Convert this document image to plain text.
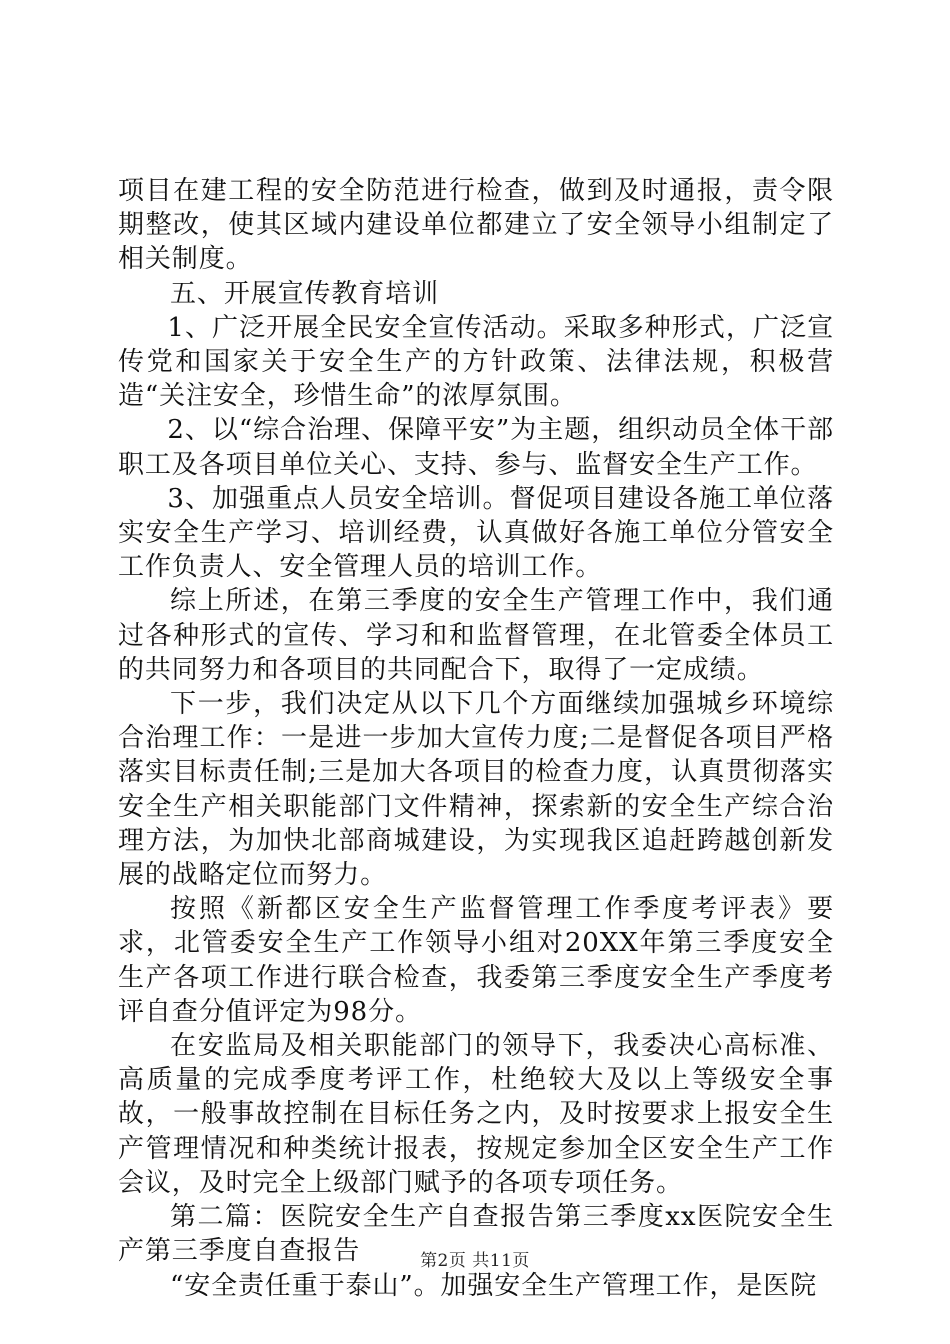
项目在建工程的安全防范进行检查，做到及时通报，责令限期整改，使其区域内建设单位都建立了安全领导小组制定了相关制度。

五、开展宣传教育培训

1、广泛开展全民安全宣传活动。采取多种形式，广泛宣传党和国家关于安全生产的方针政策、法律法规，积极营造“关注安全，珍惜生命”的浓厚氛围。

2、以“综合治理、保障平安”为主题，组织动员全体干部职工及各项目单位关心、支持、参与、监督安全生产工作。

3、加强重点人员安全培训。督促项目建设各施工单位落实安全生产学习、培训经费，认真做好各施工单位分管安全工作负责人、安全管理人员的培训工作。

综上所述，在第三季度的安全生产管理工作中，我们通过各种形式的宣传、学习和和监督管理，在北管委全体员工的共同努力和各项目的共同配合下，取得了一定成绩。

下一步，我们决定从以下几个方面继续加强城乡环境综合治理工作：一是进一步加大宣传力度;二是督促各项目严格落实目标责任制;三是加大各项目的检查力度，认真贯彻落实安全生产相关职能部门文件精神，探索新的安全生产综合治理方法，为加快北部商城建设，为实现我区追赶跨越创新发展的战略定位而努力。

按照《新都区安全生产监督管理工作季度考评表》要求，北管委安全生产工作领导小组对20XX年第三季度安全生产各项工作进行联合检查，我委第三季度安全生产季度考评自查分值评定为98分。

在安监局及相关职能部门的领导下，我委决心高标准、高质量的完成季度考评工作，杜绝较大及以上等级安全事故，一般事故控制在目标任务之内，及时按要求上报安全生产管理情况和种类统计报表，按规定参加全区安全生产工作会议，及时完全上级部门赋予的各项专项任务。

第二篇：医院安全生产自查报告第三季度xx医院安全生产第三季度自查报告

“安全责任重于泰山”。加强安全生产管理工作，是医院

第2页 共11页
